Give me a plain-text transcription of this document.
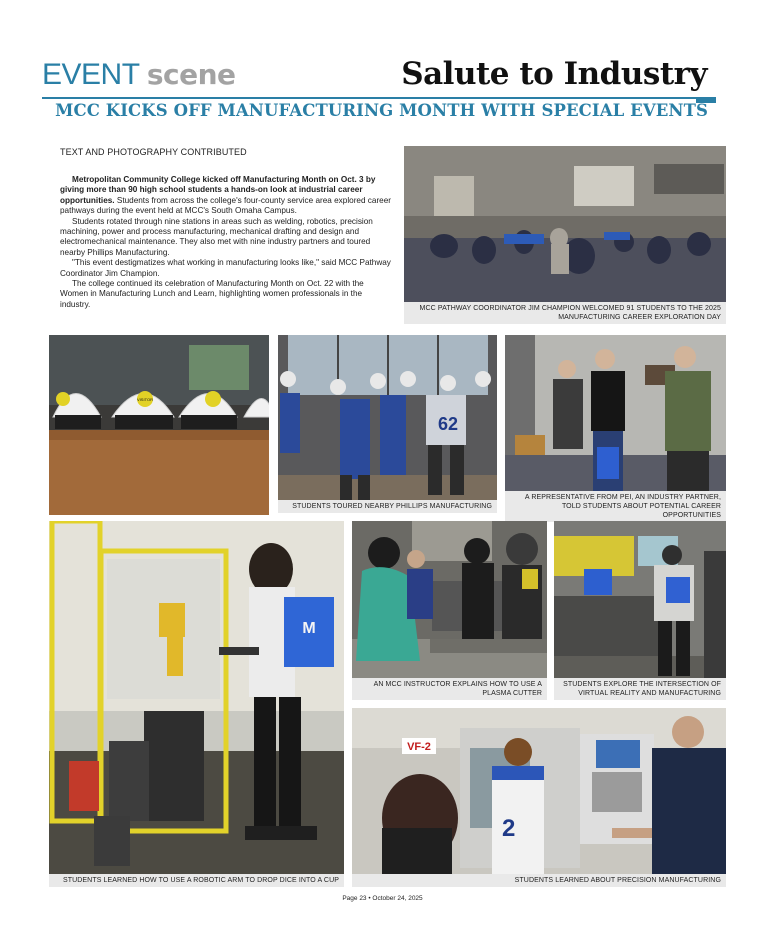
EVENT scene	Salute to Industry
MCC KICKS OFF MANUFACTURING MONTH WITH SPECIAL EVENTS
TEXT AND PHOTOGRAPHY CONTRIBUTED

Metropolitan Community College kicked off Manufacturing Month on Oct. 3 by giving more than 90 high school students a hands-on look at industrial career opportunities. Students from across the college's four-county service area explored career pathways during the event held at MCC's South Omaha Campus.

Students rotated through nine stations in areas such as welding, robotics, precision machining, power and process manufacturing, mechanical drafting and design and electromechanical maintenance. They also met with nine industry partners and toured nearby Phillips Manufacturing.

"This event destigmatizes what working in manufacturing looks like," said MCC Pathway Coordinator Jim Champion.

The college continued its celebration of Manufacturing Month on Oct. 22 with the Women in Manufacturing Lunch and Learn, highlighting women professionals in the industry.	MCC PATHWAY COORDINATOR JIM CHAMPION WELCOMED 91 STUDENTS TO THE 2025 MANUFACTURING CAREER EXPLORATION DAY
VISITOR
62
STUDENTS TOURED NEARBY PHILLIPS MANUFACTURING
A REPRESENTATIVE FROM PEI, AN INDUSTRY PARTNER, TOLD STUDENTS ABOUT POTENTIAL CAREER OPPORTUNITIES
M
STUDENTS LEARNED HOW TO USE A ROBOTIC ARM TO DROP DICE INTO A CUP
AN MCC INSTRUCTOR EXPLAINS HOW TO USE A PLASMA CUTTER
STUDENTS EXPLORE THE INTERSECTION OF VIRTUAL REALITY AND MANUFACTURING
VF-2
2
STUDENTS LEARNED ABOUT PRECISION MANUFACTURING
Page 23 • October 24, 2025
